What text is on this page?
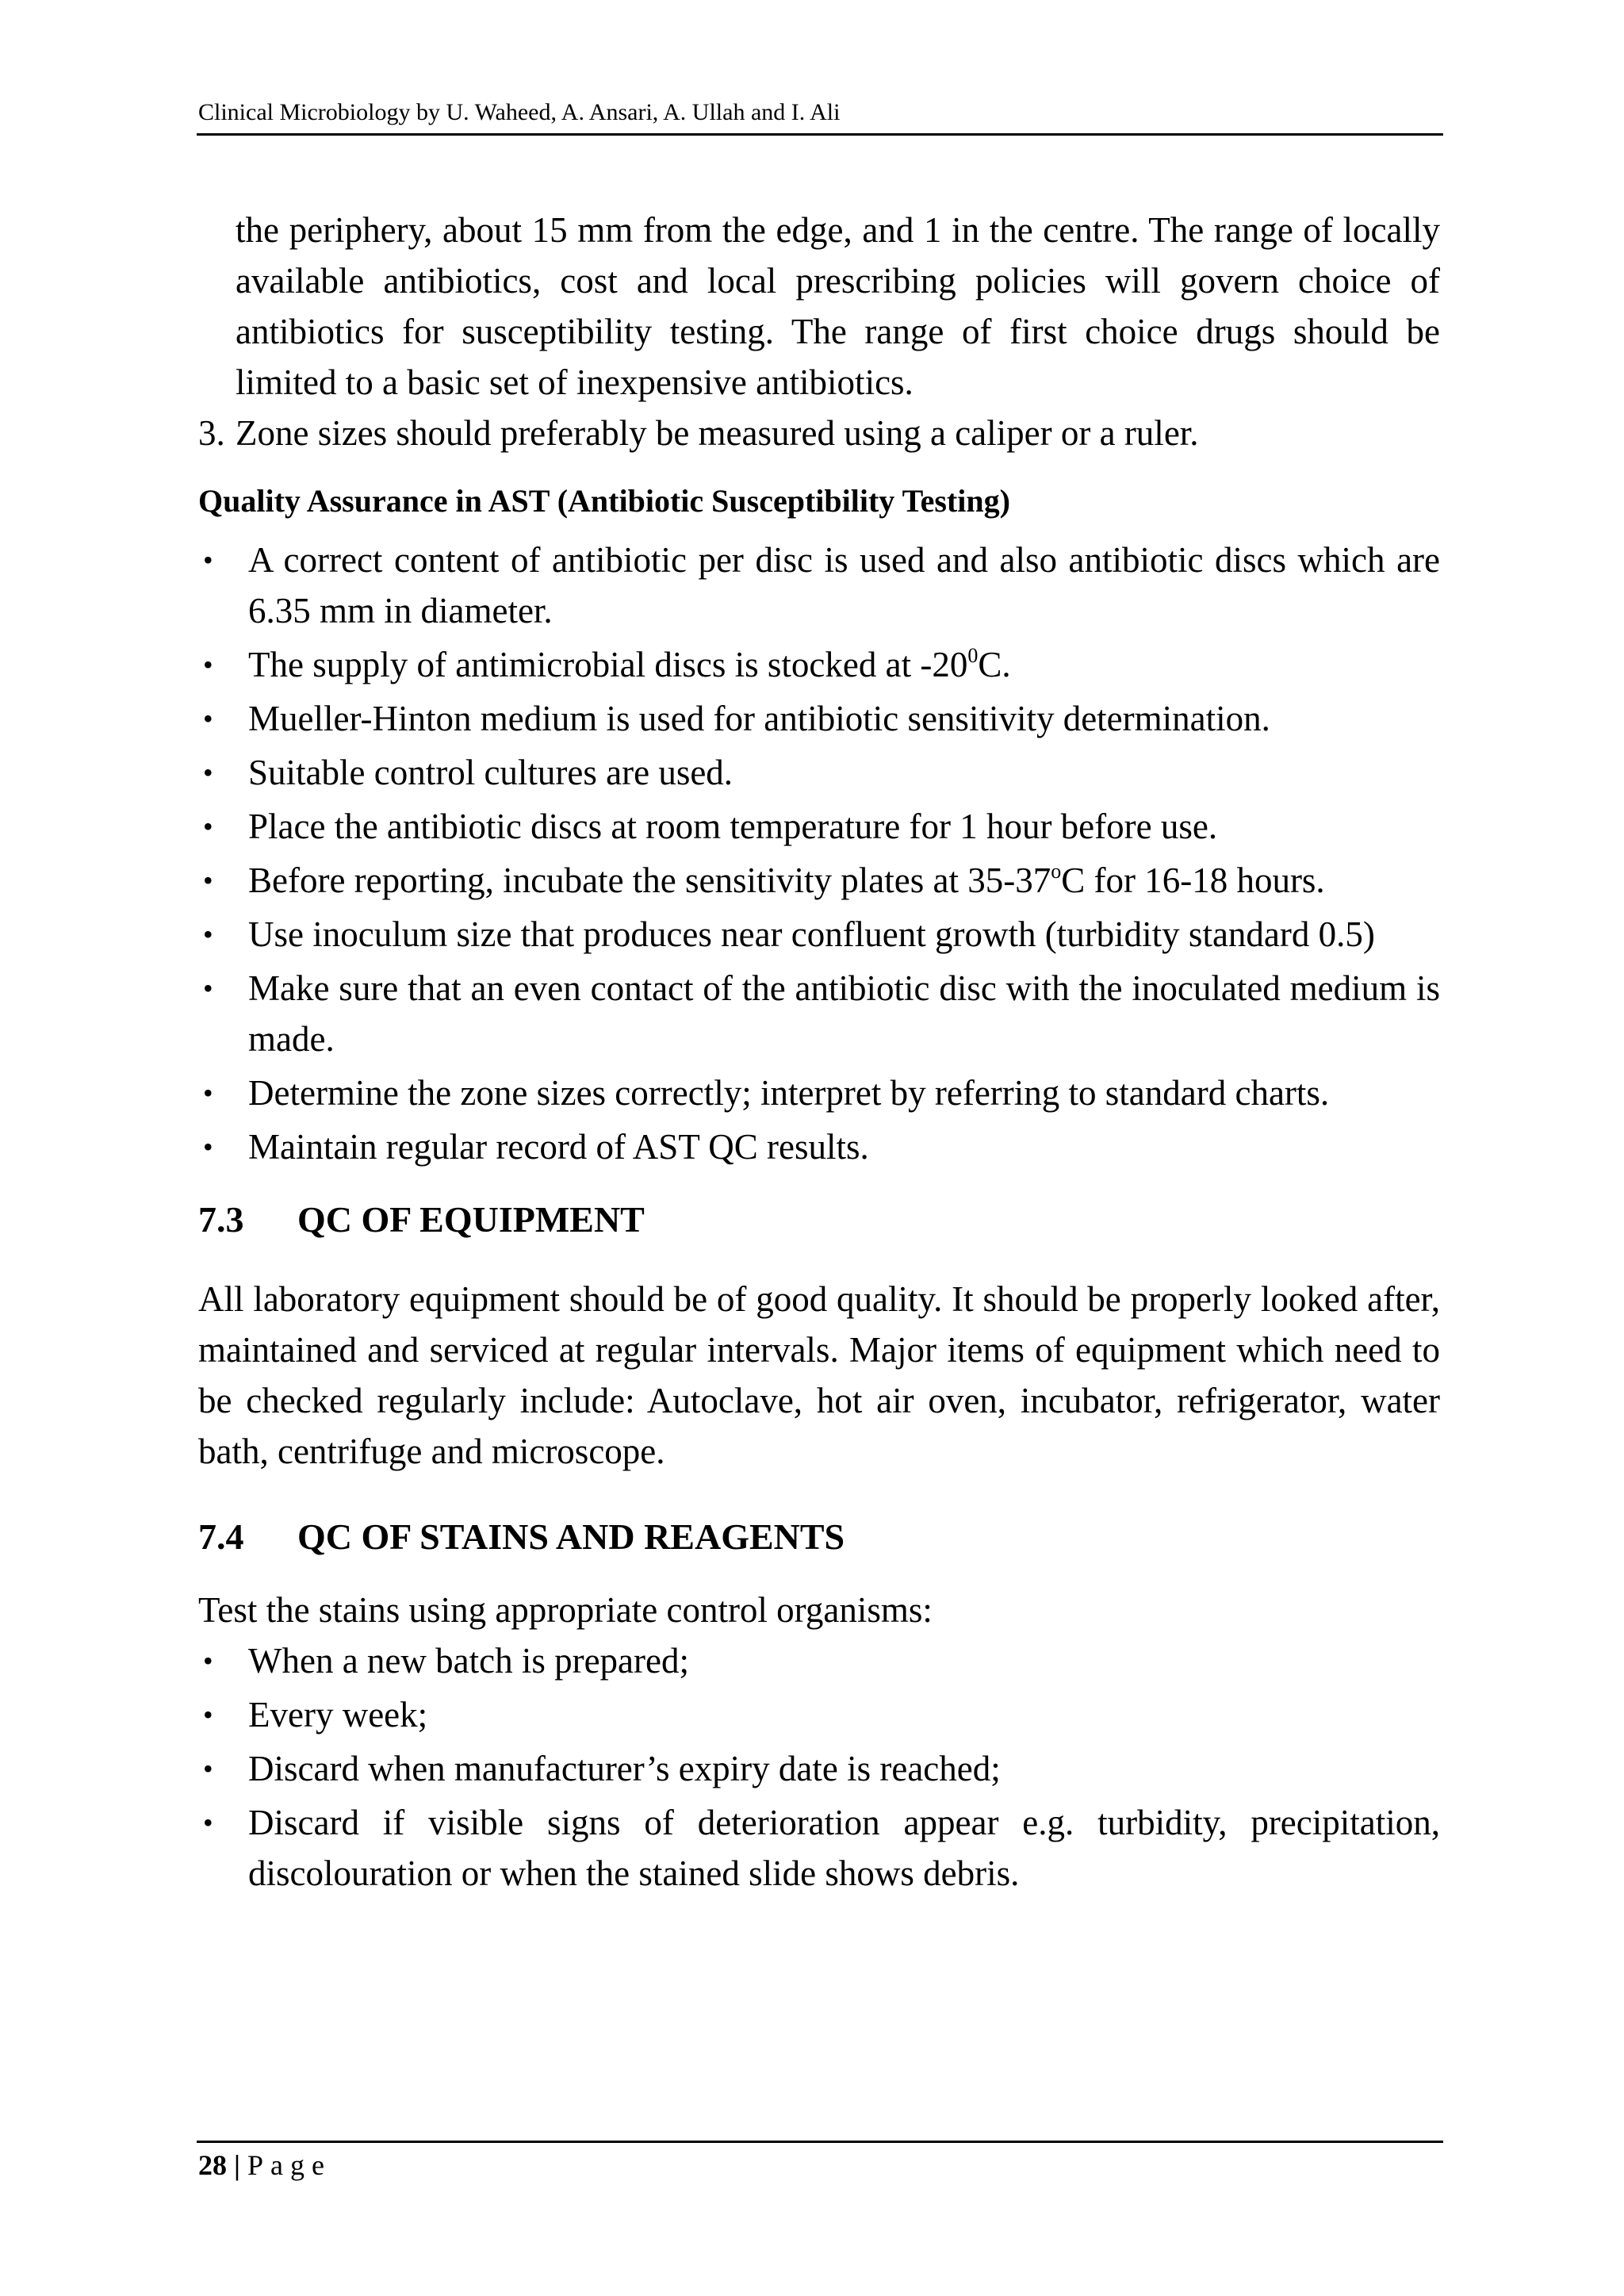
Clinical Microbiology by U. Waheed, A. Ansari, A. Ullah and I. Ali

the periphery, about 15 mm from the edge, and 1 in the centre. The range of locally available antibiotics, cost and local prescribing policies will govern choice of antibiotics for susceptibility testing. The range of first choice drugs should be limited to a basic set of inexpensive antibiotics.

3. Zone sizes should preferably be measured using a caliper or a ruler.
Quality Assurance in AST (Antibiotic Susceptibility Testing)
• A correct content of antibiotic per disc is used and also antibiotic discs which are 6.35 mm in diameter.
• The supply of antimicrobial discs is stocked at $-20^0C$.
• Mueller-Hinton medium is used for antibiotic sensitivity determination.
• Suitable control cultures are used.
• Place the antibiotic discs at room temperature for 1 hour before use.
• Before reporting, incubate the sensitivity plates at 35-37$^o$C for 16-18 hours.
• Use inoculum size that produces near confluent growth (turbidity standard 0.5)
• Make sure that an even contact of the antibiotic disc with the inoculated medium is made.
• Determine the zone sizes correctly; interpret by referring to standard charts.
• Maintain regular record of AST QC results.
7.3	QC OF EQUIPMENT

All laboratory equipment should be of good quality. It should be properly looked after, maintained and serviced at regular intervals. Major items of equipment which need to be checked regularly include: Autoclave, hot air oven, incubator, refrigerator, water bath, centrifuge and microscope.

7.4	QC OF STAINS AND REAGENTS

Test the stains using appropriate control organisms:

• When a new batch is prepared;
• Every week;
• Discard when manufacturer’s expiry date is reached;
• Discard if visible signs of deterioration appear e.g. turbidity, precipitation, discolouration or when the stained slide shows debris.
28 | Page
